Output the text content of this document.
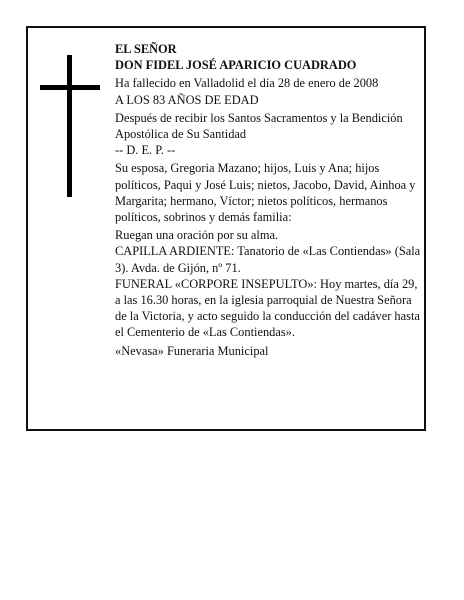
EL SEÑOR

DON FIDEL JOSÉ APARICIO CUADRADO

Ha fallecido en Valladolid el día 28 de enero de 2008

A LOS 83 AÑOS DE EDAD

Después de recibir los Santos Sacramentos y la Bendición Apostólica de Su Santidad

-- D. E. P. --

Su esposa, Gregoria Mazano; hijos, Luis y Ana; hijos políticos, Paqui y José Luis; nietos, Jacobo, David, Ainhoa y Margarita; hermano, Víctor; nietos políticos, hermanos políticos, sobrinos y demás familia:

Ruegan una oración por su alma.

CAPILLA ARDIENTE: Tanatorio de «Las Contiendas» (Sala 3). Avda. de Gijón, nº 71.

FUNERAL «CORPORE INSEPULTO»: Hoy martes, día 29, a las 16.30 horas, en la iglesia parroquial de Nuestra Señora de la Victoria, y acto seguido la conducción del cadáver hasta el Cementerio de «Las Contiendas».

«Nevasa» Funeraria Municipal
